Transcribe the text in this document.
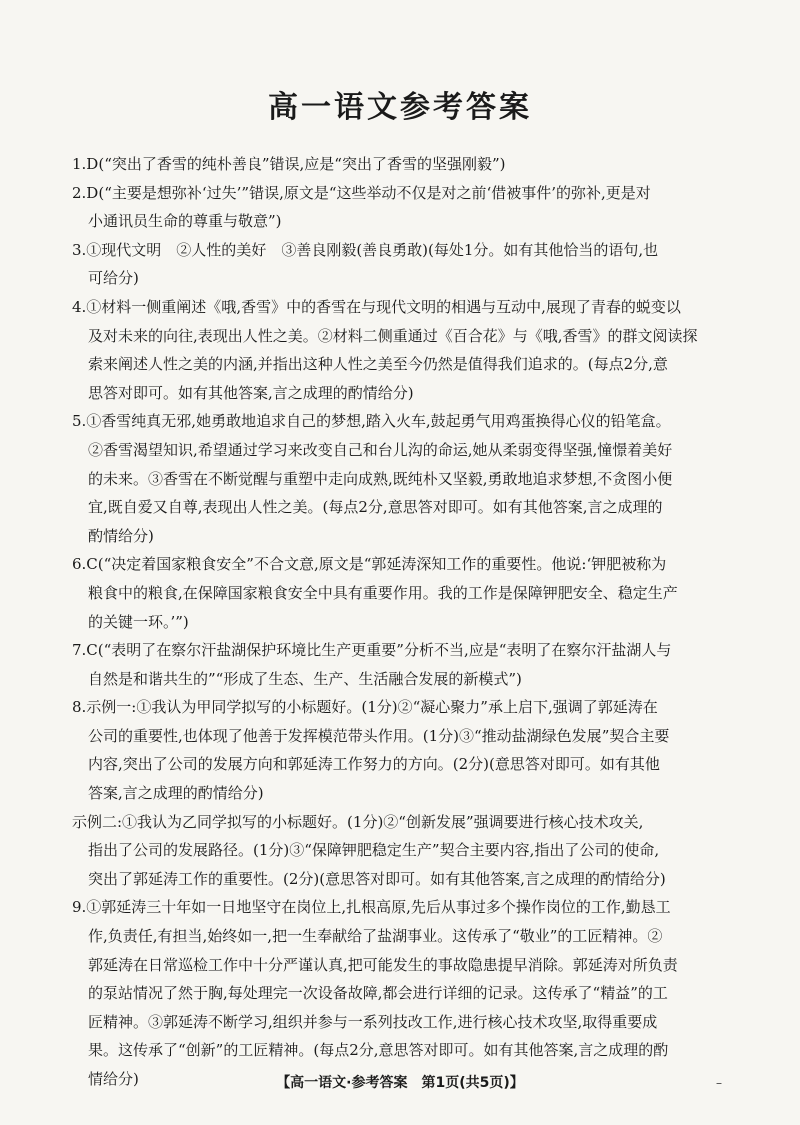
高一语文参考答案
1.D(“突出了香雪的纯朴善良”错误,应是“突出了香雪的坚强刚毅”)
2.D(“主要是想弥补‘过失’”错误,原文是“这些举动不仅是对之前‘借被事件’的弥补,更是对
小通讯员生命的尊重与敬意”)
3.①现代文明　②人性的美好　③善良刚毅(善良勇敢)(每处1分。如有其他恰当的语句,也
可给分)
4.①材料一侧重阐述《哦,香雪》中的香雪在与现代文明的相遇与互动中,展现了青春的蜕变以
及对未来的向往,表现出人性之美。②材料二侧重通过《百合花》与《哦,香雪》的群文阅读探
索来阐述人性之美的内涵,并指出这种人性之美至今仍然是值得我们追求的。(每点2分,意
思答对即可。如有其他答案,言之成理的酌情给分)
5.①香雪纯真无邪,她勇敢地追求自己的梦想,踏入火车,鼓起勇气用鸡蛋换得心仪的铅笔盒。
②香雪渴望知识,希望通过学习来改变自己和台儿沟的命运,她从柔弱变得坚强,憧憬着美好
的未来。③香雪在不断觉醒与重塑中走向成熟,既纯朴又坚毅,勇敢地追求梦想,不贪图小便
宜,既自爱又自尊,表现出人性之美。(每点2分,意思答对即可。如有其他答案,言之成理的
酌情给分)
6.C(“决定着国家粮食安全”不合文意,原文是“郭延涛深知工作的重要性。他说:‘钾肥被称为
粮食中的粮食,在保障国家粮食安全中具有重要作用。我的工作是保障钾肥安全、稳定生产
的关键一环。’”)
7.C(“表明了在察尔汗盐湖保护环境比生产更重要”分析不当,应是“表明了在察尔汗盐湖人与
自然是和谐共生的”“形成了生态、生产、生活融合发展的新模式”)
8.示例一:①我认为甲同学拟写的小标题好。(1分)②“凝心聚力”承上启下,强调了郭延涛在
公司的重要性,也体现了他善于发挥模范带头作用。(1分)③“推动盐湖绿色发展”契合主要
内容,突出了公司的发展方向和郭延涛工作努力的方向。(2分)(意思答对即可。如有其他
答案,言之成理的酌情给分)
示例二:①我认为乙同学拟写的小标题好。(1分)②“创新发展”强调要进行核心技术攻关,
指出了公司的发展路径。(1分)③“保障钾肥稳定生产”契合主要内容,指出了公司的使命,
突出了郭延涛工作的重要性。(2分)(意思答对即可。如有其他答案,言之成理的酌情给分)
9.①郭延涛三十年如一日地坚守在岗位上,扎根高原,先后从事过多个操作岗位的工作,勤恳工
作,负责任,有担当,始终如一,把一生奉献给了盐湖事业。这传承了“敬业”的工匠精神。②
郭延涛在日常巡检工作中十分严谨认真,把可能发生的事故隐患提早消除。郭延涛对所负责
的泵站情况了然于胸,每处理完一次设备故障,都会进行详细的记录。这传承了“精益”的工
匠精神。③郭延涛不断学习,组织并参与一系列技改工作,进行核心技术攻坚,取得重要成
果。这传承了“创新”的工匠精神。(每点2分,意思答对即可。如有其他答案,言之成理的酌
情给分)	【高一语文·参考答案　第1页(共5页)】	–
